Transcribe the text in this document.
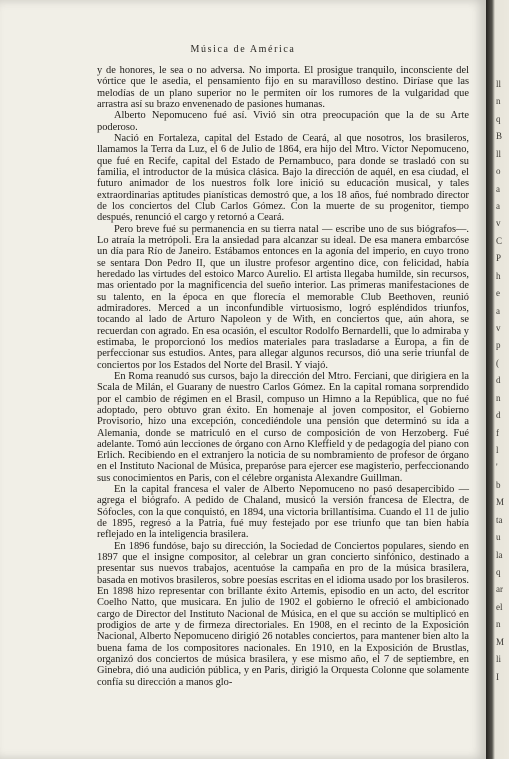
Música de América

y de honores, le sea o no adversa. No importa. El prosigue tranquilo, inconsciente del vórtice que le asedia, el pensamiento fijo en su maravilloso destino. Diríase que las melodías de un plano superior no le permiten oír los rumores de la vulgaridad que arrastra así su brazo envenenado de pasiones humanas.

Alberto Nepomuceno fué así. Vivió sin otra preocupación que la de su Arte poderoso.

Nació en Fortaleza, capital del Estado de Ceará, al que nosotros, los brasileros, llamamos la Terra da Luz, el 6 de Julio de 1864, era hijo del Mtro. Víctor Nepomuceno, que fué en Recife, capital del Estado de Pernambuco, para donde se trasladó con su familia, el introductor de la música clásica. Bajo la dirección de aquél, en esa ciudad, el futuro animador de los nuestros folk lore inició su educación musical, y tales extraordinarias aptitudes pianísticas demostró que, a los 18 años, fué nombrado director de los conciertos del Club Carlos Gómez. Con la muerte de su progenitor, tiempo después, renunció el cargo y retornó a Ceará.

Pero breve fué su permanencia en su tierra natal — escribe uno de sus biógrafos—. Lo atraía la metrópoli. Era la ansiedad para alcanzar su ideal. De esa manera embarcóse un día para Río de Janeiro. Estábamos entonces en la agonía del imperio, en cuyo trono se sentara Don Pedro II, que un ilustre profesor argentino dice, con felicidad, había heredado las virtudes del estoico Marco Aurelio. El artista llegaba humilde, sin recursos, mas orientado por la magnificencia del sueño interior. Las primeras manifestaciones de su talento, en la época en que florecía el memorable Club Beethoven, reunió admiradores. Merced a un inconfundible virtuosismo, logró espléndidos triunfos, tocando al lado de Arturo Napoleon y de With, en conciertos que, aún ahora, se recuerdan con agrado. En esa ocasión, el escultor Rodolfo Bernardelli, que lo admiraba y estimaba, le proporcionó los medios materiales para trasladarse a Europa, a fin de perfeccionar sus estudios. Antes, para allegar algunos recursos, dió una serie triunfal de conciertos por los Estados del Norte del Brasil. Y viajó.

En Roma reanudó sus cursos, bajo la dirección del Mtro. Ferciani, que dirigiera en la Scala de Milán, el Guarany de nuestro Carlos Gómez. En la capital romana sorprendido por el cambio de régimen en el Brasil, compuso un Himno a la República, que no fué adoptado, pero obtuvo gran éxito. En homenaje al joven compositor, el Gobierno Provisorio, hizo una excepción, concediéndole una pensión que determinó su ida a Alemania, donde se matriculó en el curso de composición de von Herzoberg. Fué adelante. Tomó aún lecciones de órgano con Arno Kleffield y de pedagogía del piano con Erlich. Recibiendo en el extranjero la noticia de su nombramiento de profesor de órgano en el Instituto Nacional de Música, preparóse para ejercer ese magisterio, perfeccionando sus conocimientos en Paris, con el célebre organista Alexandre Guillman.

En la capital francesa el valer de Alberto Nepomuceno no pasó desapercibido — agrega el biógrafo. A pedido de Chaland, musicó la versión francesa de Electra, de Sófocles, con la que conquistó, en 1894, una victoria brillantísima. Cuando el 11 de julio de 1895, regresó a la Patria, fué muy festejado por ese triunfo que tan bien había reflejado en la inteligencia brasilera.

En 1896 fundóse, bajo su dirección, la Sociedad de Conciertos populares, siendo en 1897 que el insigne compositor, al celebrar un gran concierto sinfónico, destinado a presentar sus nuevos trabajos, acentuóse la campaña en pro de la música brasilera, basada en motivos brasileros, sobre poesías escritas en el idioma usado por los brasileros. En 1898 hizo representar con brillante éxito Artemis, episodio en un acto, del escritor Coelho Natto, que musicara. En julio de 1902 el gobierno le ofreció el ambicionado cargo de Director del Instituto Nacional de Música, en el que su acción se multiplicó en prodigios de arte y de firmeza directoriales. En 1908, en el recinto de la Exposición Nacional, Alberto Nepomuceno dirigió 26 notables conciertos, para mantener bien alto la buena fama de los compositores nacionales. En 1910, en la Exposición de Brustlas, organizó dos conciertos de música brasilera, y ese mismo año, el 7 de septiembre, en Ginebra, dió una audición pública, y en Paris, dirigió la Orquesta Colonne que solamente confía su dirección a manos glo-

ll
n
q
B
ll
o
a
a
v
C
P
h
e
a
v
p
(
d
n
d
f
l
'
b
M
ta
u
la
q
ar
el
n
M
li
I
